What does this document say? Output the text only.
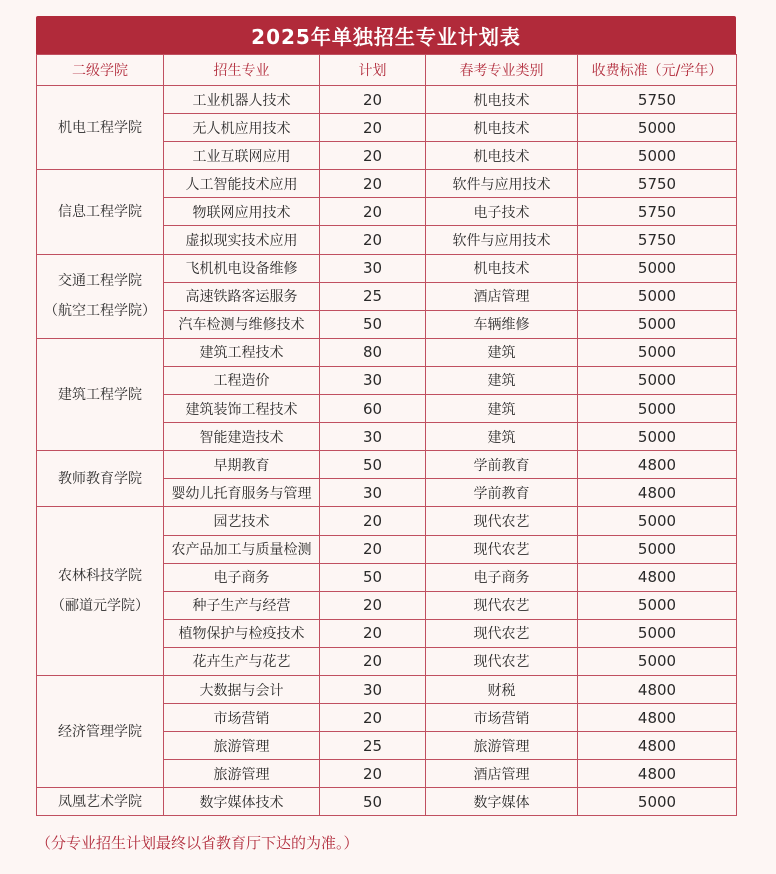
2025年单独招生专业计划表
二级学院	招生专业	计划	春考专业类别	收费标准（元/学年）

机电工程学院	工业机器人技术	20	机电技术	5750
	无人机应用技术	20	机电技术	5000
	工业互联网应用	20	机电技术	5000

信息工程学院	人工智能技术应用	20	软件与应用技术	5750
	物联网应用技术	20	电子技术	5750
	虚拟现实技术应用	20	软件与应用技术	5750

交通工程学院
（航空工程学院）	飞机机电设备维修	30	机电技术	5000
	高速铁路客运服务	25	酒店管理	5000
	汽车检测与维修技术	50	车辆维修	5000

建筑工程学院	建筑工程技术	80	建筑	5000
	工程造价	30	建筑	5000
	建筑装饰工程技术	60	建筑	5000
	智能建造技术	30	建筑	5000

教师教育学院	早期教育	50	学前教育	4800
	婴幼儿托育服务与管理	30	学前教育	4800

农林科技学院
（郦道元学院）	园艺技术	20	现代农艺	5000
	农产品加工与质量检测	20	现代农艺	5000
	电子商务	50	电子商务	4800
	种子生产与经营	20	现代农艺	5000
	植物保护与检疫技术	20	现代农艺	5000
	花卉生产与花艺	20	现代农艺	5000

经济管理学院	大数据与会计	30	财税	4800
	市场营销	20	市场营销	4800
	旅游管理	25	旅游管理	4800
	旅游管理	20	酒店管理	4800

凤凰艺术学院	数字媒体技术	50	数字媒体	5000
（分专业招生计划最终以省教育厅下达的为准。）
